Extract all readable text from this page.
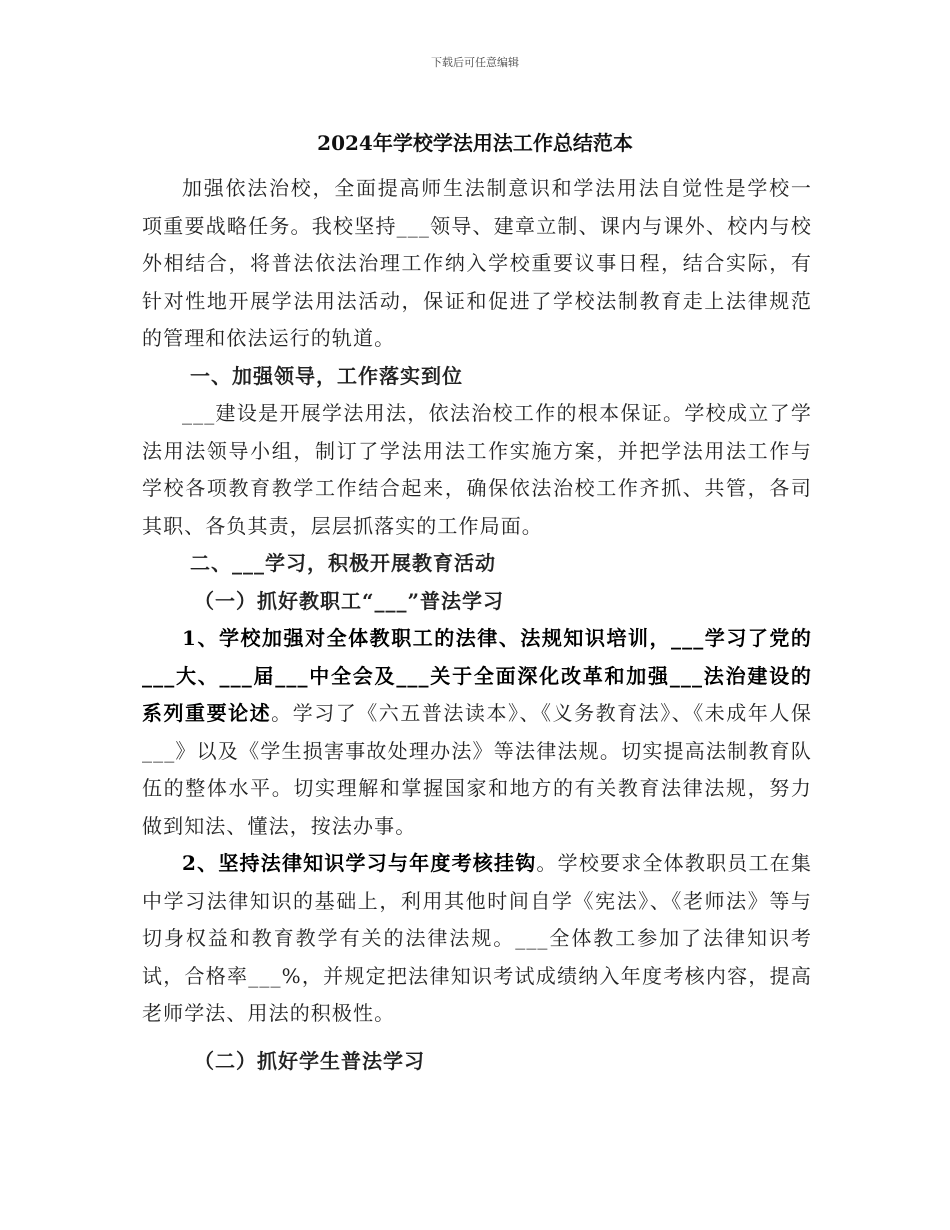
下载后可任意编辑
2024年学校学法用法工作总结范本

加强依法治校，全面提高师生法制意识和学法用法自觉性是学校一项重要战略任务。我校坚持___领导、建章立制、课内与课外、校内与校外相结合，将普法依法治理工作纳入学校重要议事日程，结合实际，有针对性地开展学法用法活动，保证和促进了学校法制教育走上法律规范的管理和依法运行的轨道。

一、加强领导，工作落实到位

___建设是开展学法用法，依法治校工作的根本保证。学校成立了学法用法领导小组，制订了学法用法工作实施方案，并把学法用法工作与学校各项教育教学工作结合起来，确保依法治校工作齐抓、共管，各司其职、各负其责，层层抓落实的工作局面。

二、___学习，积极开展教育活动

（一）抓好教职工“___”普法学习

1、学校加强对全体教职工的法律、法规知识培训，___学习了党的___大、___届___中全会及___关于全面深化改革和加强___法治建设的系列重要论述。学习了《六五普法读本》、《义务教育法》、《未成年人保___》以及《学生损害事故处理办法》等法律法规。切实提高法制教育队伍的整体水平。切实理解和掌握国家和地方的有关教育法律法规，努力做到知法、懂法，按法办事。

2、坚持法律知识学习与年度考核挂钩。学校要求全体教职员工在集中学习法律知识的基础上，利用其他时间自学《宪法》、《老师法》等与切身权益和教育教学有关的法律法规。___全体教工参加了法律知识考试，合格率___%，并规定把法律知识考试成绩纳入年度考核内容，提高老师学法、用法的积极性。

（二）抓好学生普法学习
